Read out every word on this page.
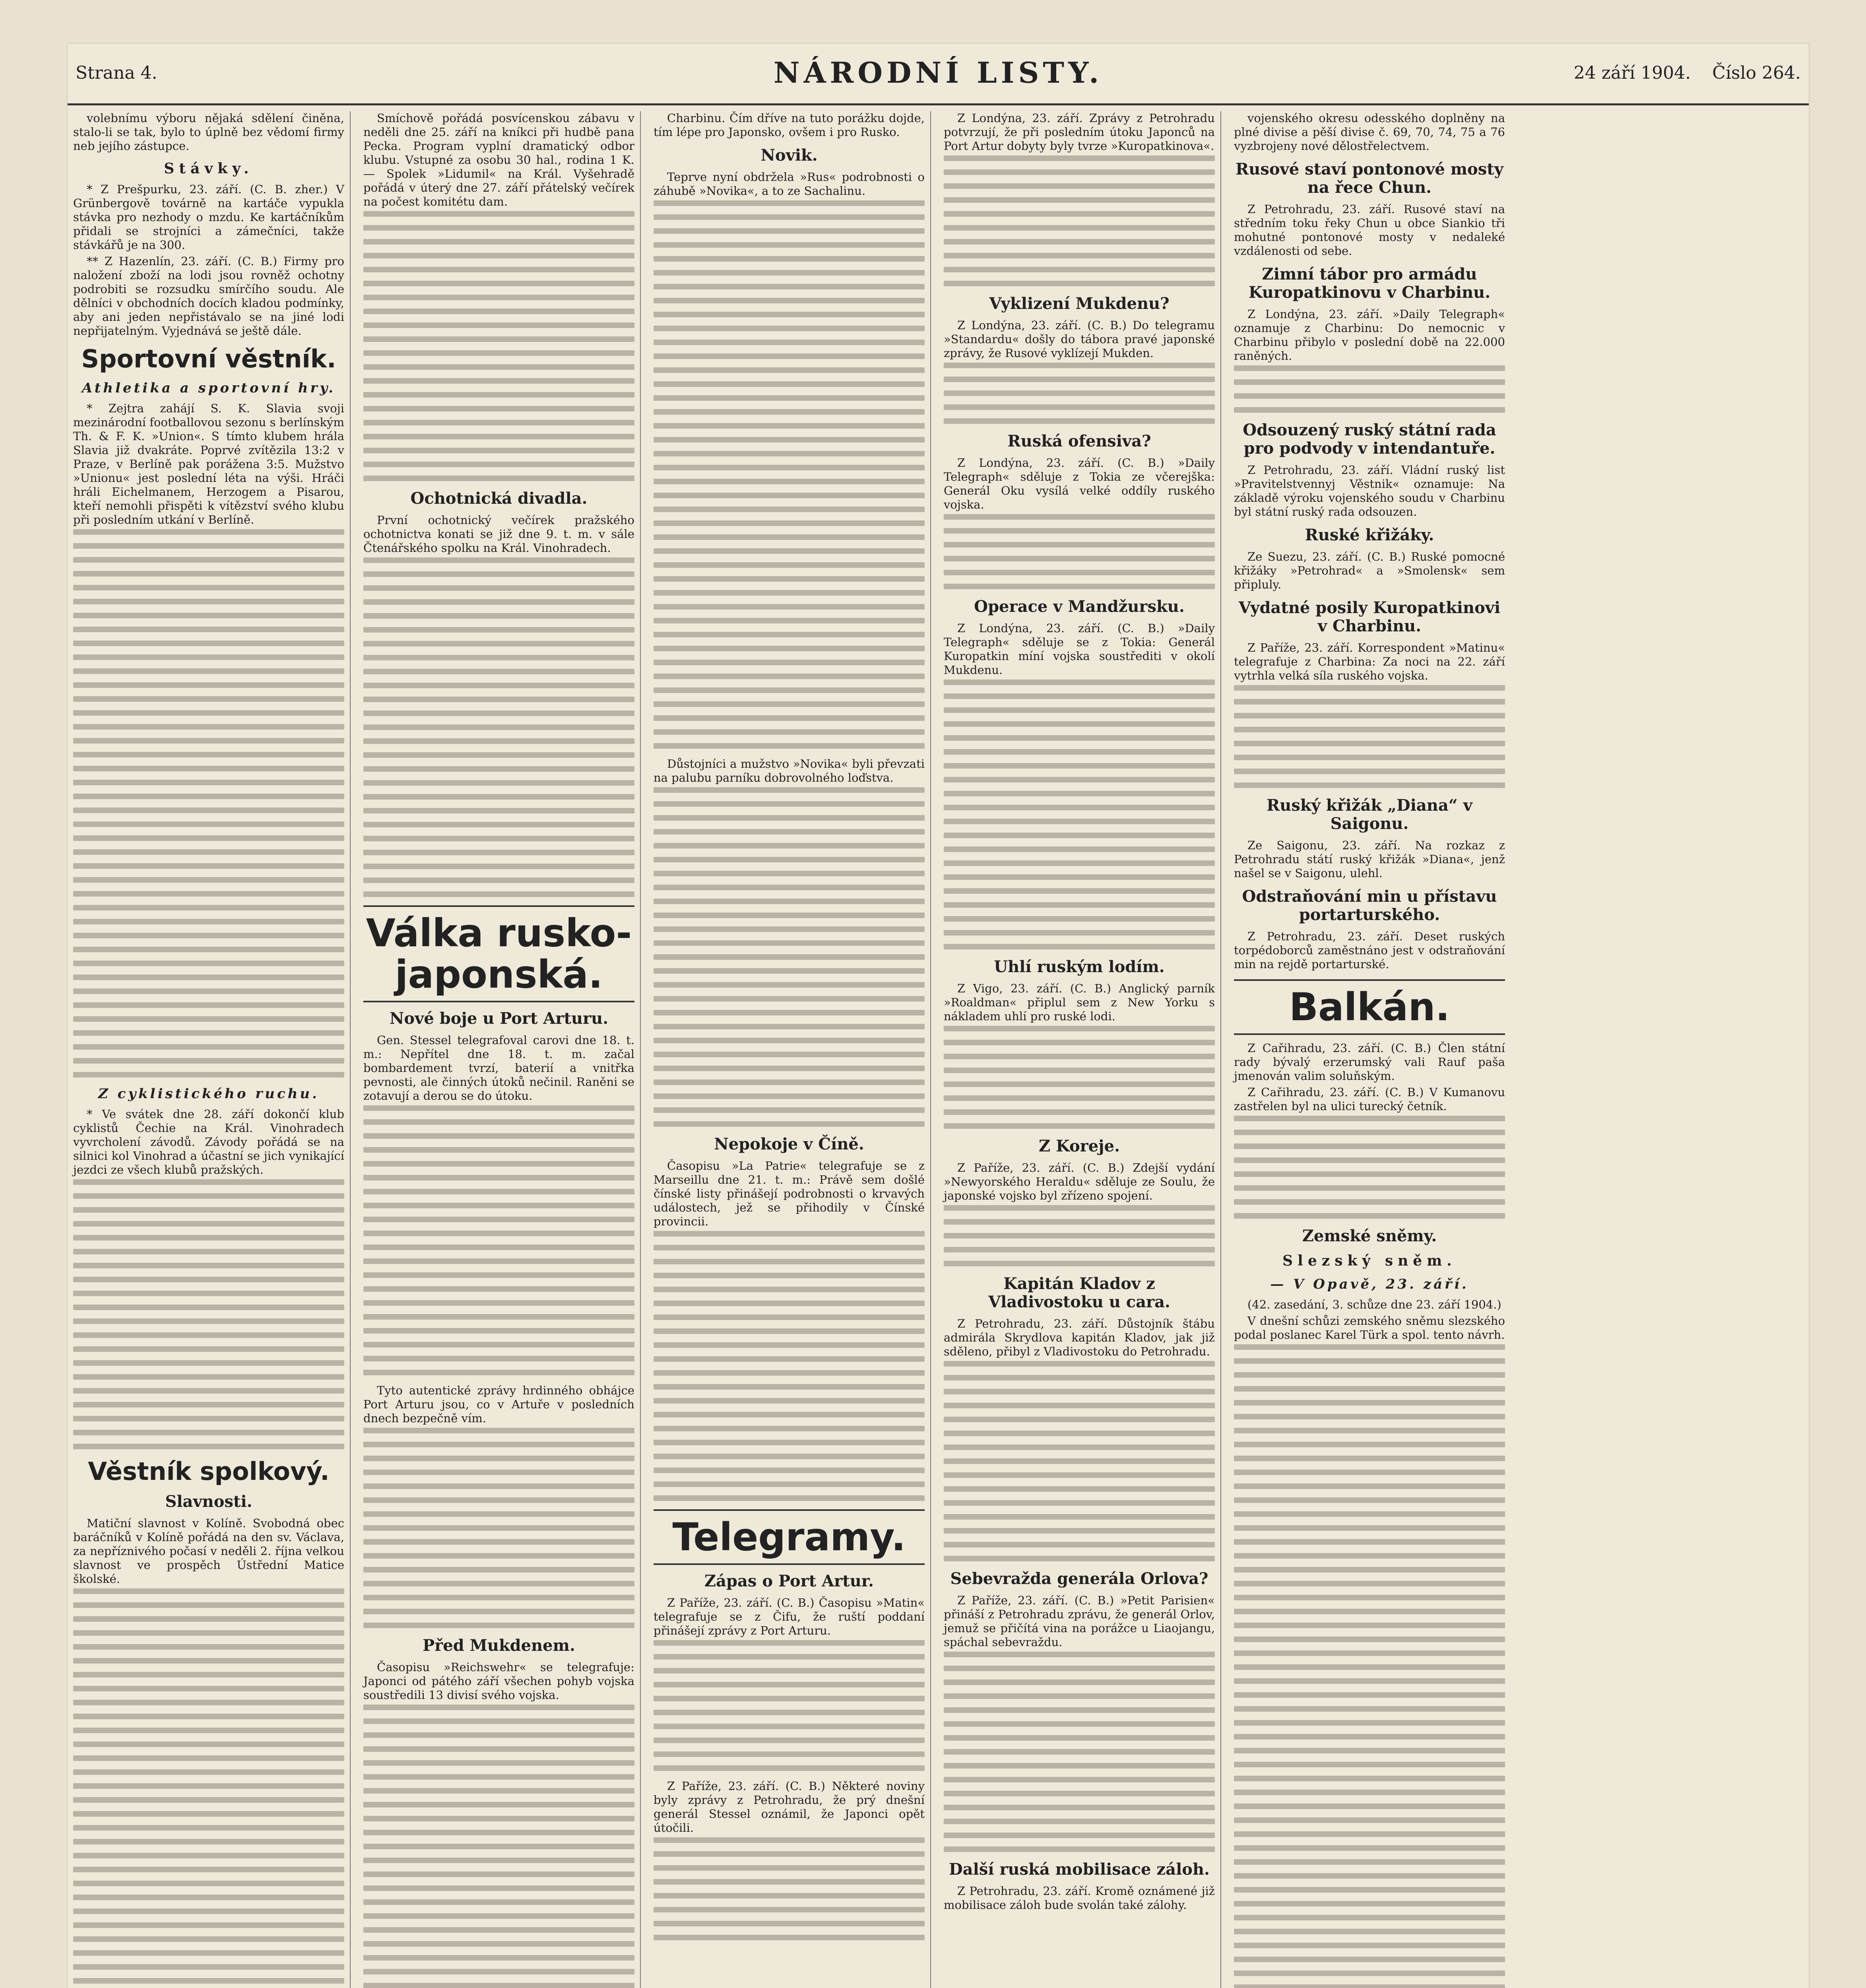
Strana 4.	NÁRODNÍ LISTY.	24 září 1904. Číslo 264.

volebnímu výboru nějaká sdělení činěna, stalo-li se tak, bylo to úplně bez vědomí firmy neb jejího zástupce.

Stávky.

* Z Prešpurku, 23. září. (C. B. zher.) V Grünbergově továrně na kartáče vypukla stávka pro nezhody o mzdu. Ke kartáčníkům přidali se strojníci a zámečníci, takže stávkářů je na 300.

** Z Hazenlín, 23. září. (C. B.) Firmy pro naložení zboží na lodi jsou rovněž ochotny podrobiti se rozsudku smírčího soudu. Ale dělníci v obchodních docích kladou podmínky, aby ani jeden nepřistávalo se na jiné lodi nepřijatelným. Vyjednává se ještě dále.

Sportovní věstník.
Athletika a sportovní hry.

* Zejtra zahájí S. K. Slavia svoji mezinárodní footballovou sezonu s berlínským Th. & F. K. »Union«. S tímto klubem hrála Slavia již dvakráte. Poprvé zvítězila 13:2 v Praze, v Berlíně pak porážena 3:5. Mužstvo »Unionu« jest poslední léta na výši. Hráči hráli Eichelmanem, Herzogem a Pisarou, kteří nemohli přispěti k vítězství svého klubu při posledním utkání v Berlíně.

Z cyklistického ruchu.

* Ve svátek dne 28. září dokončí klub cyklistů Čechie na Král. Vinohradech vyvrcholení závodů. Závody pořádá se na silnici kol Vinohrad a účastní se jich vynikající jezdci ze všech klubů pražských.

Věstník spolkový.
Slavnosti.

Matiční slavnost v Kolíně. Svobodná obec baráčníků v Kolíně pořádá na den sv. Václava, za nepříznivého počasí v neděli 2. října velkou slavnost ve prospěch Ústřední Matice školské.

Smíchově pořádá posvícenskou zábavu v neděli dne 25. září na kníkci při hudbě pana Pecka. Program vyplní dramatický odbor klubu. Vstupné za osobu 30 hal., rodina 1 K. — Spolek »Lidumil« na Král. Vyšehradě pořádá v úterý dne 27. září přátelský večírek na počest komitétu dam.

Ochotnická divadla.

První ochotnický večírek pražského ochotnictva konati se již dne 9. t. m. v sále Čtenářského spolku na Král. Vinohradech.

Válka rusko-japonská.
Nové boje u Port Arturu.

Gen. Stessel telegrafoval carovi dne 18. t. m.: Nepřítel dne 18. t. m. začal bombardement tvrzí, baterií a vnitřka pevnosti, ale činných útoků nečinil. Raněni se zotavují a derou se do útoku.

Tyto autentické zprávy hrdinného obhájce Port Arturu jsou, co v Artuře v posledních dnech bezpečně vím.

Před Mukdenem.

Časopisu »Reichswehr« se telegrafuje: Japonci od pátého září všechen pohyb vojska soustředili 13 divisí svého vojska.

Charbinu. Čím dříve na tuto porážku dojde, tím lépe pro Japonsko, ovšem i pro Rusko.

Novik.

Teprve nyní obdržela »Rus« podrobnosti o záhubě »Novika«, a to ze Sachalinu.

Důstojníci a mužstvo »Novika« byli převzati na palubu parníku dobrovolného loďstva.

Nepokoje v Číně.

Časopisu »La Patrie« telegrafuje se z Marseillu dne 21. t. m.: Právě sem došlé čínské listy přinášejí podrobnosti o krvavých událostech, jež se přihodily v Čínské provincii.

Telegramy.
Zápas o Port Artur.

Z Paříže, 23. září. (C. B.) Časopisu »Matin« telegrafuje se z Čifu, že ruští poddaní přinášejí zprávy z Port Arturu.

Z Paříže, 23. září. (C. B.) Některé noviny byly zprávy z Petrohradu, že prý dnešní generál Stessel oznámil, že Japonci opět útočili.

Z Londýna, 23. září. Zprávy z Petrohradu potvrzují, že při posledním útoku Japonců na Port Artur dobyty byly tvrze »Kuropatkinova«.

Vyklizení Mukdenu?

Z Londýna, 23. září. (C. B.) Do telegramu »Standardu« došly do tábora pravé japonské zprávy, že Rusové vyklízejí Mukden.

Ruská ofensiva?

Z Londýna, 23. září. (C. B.) »Daily Telegraph« sděluje z Tokia ze včerejška: Generál Oku vysílá velké oddíly ruského vojska.

Operace v Mandžursku.

Z Londýna, 23. září. (C. B.) »Daily Telegraph« sděluje se z Tokia: Generál Kuropatkin míní vojska soustřediti v okolí Mukdenu.

Uhlí ruským lodím.

Z Vigo, 23. září. (C. B.) Anglický parník »Roaldman« připlul sem z New Yorku s nákladem uhlí pro ruské lodi.

Z Koreje.

Z Paříže, 23. září. (C. B.) Zdejší vydání »Newyorského Heraldu« sděluje ze Soulu, že japonské vojsko byl zřízeno spojení.

Kapitán Kladov z Vladivostoku u cara.

Z Petrohradu, 23. září. Důstojník štábu admirála Skrydlova kapitán Kladov, jak již sděleno, přibyl z Vladivostoku do Petrohradu.

Sebevražda generála Orlova?

Z Paříže, 23. září. (C. B.) »Petit Parisien« přináší z Petrohradu zprávu, že generál Orlov, jemuž se přičítá vina na porážce u Liaojangu, spáchal sebevraždu.

Další ruská mobilisace záloh.

Z Petrohradu, 23. září. Kromě oznámené již mobilisace záloh bude svolán také zálohy.

vojenského okresu odesského doplněny na plné divise a pěší divise č. 69, 70, 74, 75 a 76 vyzbrojeny nové dělostřelectvem.

Rusové staví pontonové mosty na řece Chun.

Z Petrohradu, 23. září. Rusové staví na středním toku řeky Chun u obce Siankio tři mohutné pontonové mosty v nedaleké vzdálenosti od sebe.

Zimní tábor pro armádu Kuropatkinovu v Charbinu.

Z Londýna, 23. září. »Daily Telegraph« oznamuje z Charbinu: Do nemocnic v Charbinu přibylo v poslední době na 22.000 raněných.

Odsouzený ruský státní rada pro podvody v intendantuře.

Z Petrohradu, 23. září. Vládní ruský list »Pravitelstvennyj Věstnik« oznamuje: Na základě výroku vojenského soudu v Charbinu byl státní ruský rada odsouzen.

Ruské křižáky.

Ze Suezu, 23. září. (C. B.) Ruské pomocné křižáky »Petrohrad« a »Smolensk« sem připluly.

Vydatné posily Kuropatkinovi v Charbinu.

Z Paříže, 23. září. Korrespondent »Matinu« telegrafuje z Charbina: Za noci na 22. září vytrhla velká síla ruského vojska.

Ruský křižák „Diana“ v Saigonu.

Ze Saigonu, 23. září. Na rozkaz z Petrohradu státí ruský křižák »Diana«, jenž našel se v Saigonu, ulehl.

Odstraňování min u přístavu portarturského.

Z Petrohradu, 23. září. Deset ruských torpédoborců zaměstnáno jest v odstraňování min na rejdě portarturské.

Balkán.

Z Cařihradu, 23. září. (C. B.) Člen státní rady bývalý erzerumský vali Rauf paša jmenován valim soluňským.

Z Cařihradu, 23. září. (C. B.) V Kumanovu zastřelen byl na ulici turecký četník.

Zemské sněmy.
Slezský sněm.
— V Opavě, 23. září.

(42. zasedání, 3. schůze dne 23. září 1904.)

V dnešní schůzi zemského sněmu slezského podal poslanec Karel Türk a spol. tento návrh.
